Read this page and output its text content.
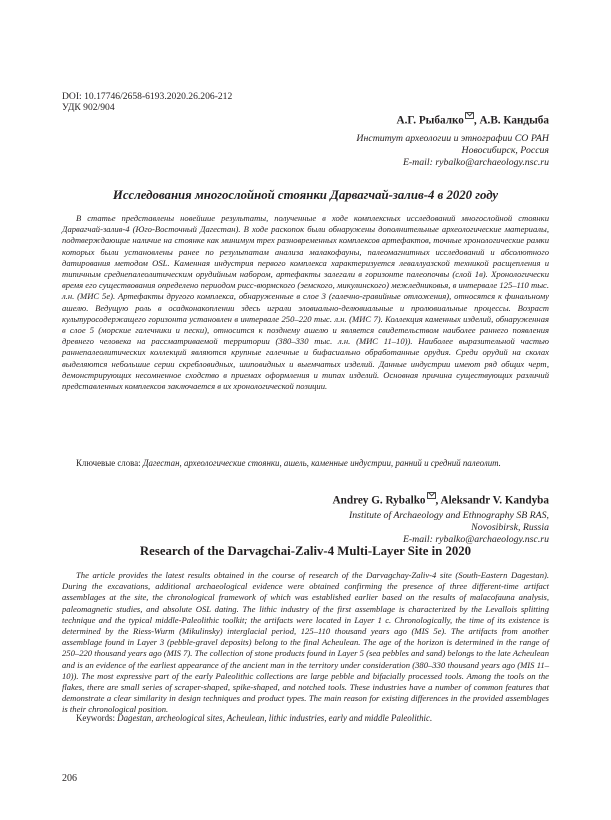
DOI: 10.17746/2658-6193.2020.26.206-212
УДК 902/904
А.Г. Рыбалко , А.В. Кандыба
Институт археологии и этнографии СО РАН
Новосибирск, Россия
E-mail: rybalko@archaeology.nsc.ru
Исследования многослойной стоянки Дарвагчай-залив-4 в 2020 году

В статье представлены новейшие результаты, полученные в ходе комплексных исследований многослойной стоянки Дарвагчай-залив-4 (Юго-Восточный Дагестан). В ходе раскопок были обнаружены дополнительные археологические материалы, подтверждающие наличие на стоянке как минимум трех разновременных комплексов артефактов, точные хронологические рамки которых были установлены ранее по результатам анализа малакофауны, палеомагнитных исследований и абсолютного датирования методом OSL. Каменная индустрия первого комплекса характеризуется леваллуазской техникой расщепления и типичным среднепалеолитическим орудийным набором, артефакты залегали в горизонте палеопочвы (слой 1в). Хронологически время его существования определено периодом рисс-вюрмского (эемского, микулинского) межледниковья, в интервале 125–110 тыс. л.н. (МИС 5е). Артефакты другого комплекса, обнаруженные в слое 3 (галечно-гравийные отложения), относятся к финальному ашелю. Ведущую роль в осадконакоплении здесь играли эловиально-делювиальные и пролювиальные процессы. Возраст культуросодержащего горизонта установлен в интервале 250–220 тыс. л.н. (МИС 7). Коллекция каменных изделий, обнаруженная в слое 5 (морские галечники и пески), относится к позднему ашелю и является свидетельством наиболее раннего появления древнего человека на рассматриваемой территории (380–330 тыс. л.н. (МИС 11–10)). Наиболее выразительной частью раннепалеолитических коллекций являются крупные галечные и бифасиально обработанные орудия. Среди орудий на сколах выделяются небольшие серии скребловидных, шиповидных и выемчатых изделий. Данные индустрии имеют ряд общих черт, демонстрирующих несомненное сходство в приемах оформления и типах изделий. Основная причина существующих различий представленных комплексов заключается в их хронологической позиции.

Ключевые слова: Дагестан, археологические стоянки, ашель, каменные индустрии, ранний и средний палеолит.
Andrey G. Rybalko , Aleksandr V. Kandyba
Institute of Archaeology and Ethnography SB RAS,
Novosibirsk, Russia
E-mail: rybalko@archaeology.nsc.ru
Research of the Darvagchai-Zaliv-4 Multi-Layer Site in 2020

The article provides the latest results obtained in the course of research of the Darvagchay-Zaliv-4 site (South-Eastern Dagestan). During the excavations, additional archaeological evidence were obtained confirming the presence of three different-time artifact assemblages at the site, the chronological framework of which was established earlier based on the results of malacofauna analysis, paleomagnetic studies, and absolute OSL dating. The lithic industry of the first assemblage is characterized by the Levallois splitting technique and the typical middle-Paleolithic toolkit; the artifacts were located in Layer 1 c. Chronologically, the time of its existence is determined by the Riess-Wurm (Mikulinsky) interglacial period, 125–110 thousand years ago (MIS 5e). The artifacts from another assemblage found in Layer 3 (pebble-gravel deposits) belong to the final Acheulean. The age of the horizon is determined in the range of 250–220 thousand years ago (MIS 7). The collection of stone products found in Layer 5 (sea pebbles and sand) belongs to the late Acheulean and is an evidence of the earliest appearance of the ancient man in the territory under consideration (380–330 thousand years ago (MIS 11–10)). The most expressive part of the early Paleolithic collections are large pebble and bifacially processed tools. Among the tools on the flakes, there are small series of scraper-shaped, spike-shaped, and notched tools. These industries have a number of common features that demonstrate a clear similarity in design techniques and product types. The main reason for existing differences in the provided assemblages is their chronological position.

Keywords: Dagestan, archeological sites, Acheulean, lithic industries, early and middle Paleolithic.
206
